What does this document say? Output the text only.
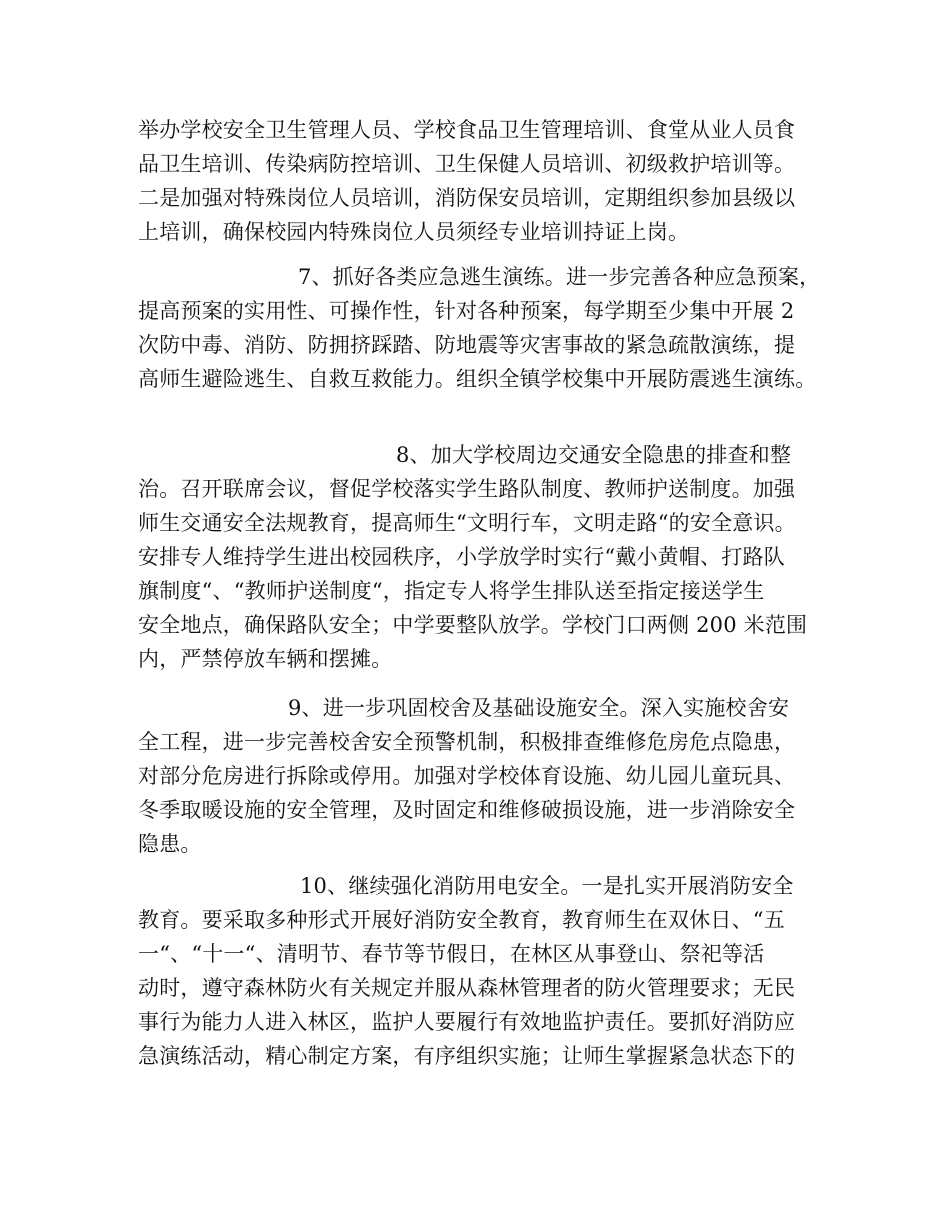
举办学校安全卫生管理人员、学校食品卫生管理培训、食堂从业人员食
品卫生培训、传染病防控培训、卫生保健人员培训、初级救护培训等。
二是加强对特殊岗位人员培训，消防保安员培训，定期组织参加县级以
上培训，确保校园内特殊岗位人员须经专业培训持证上岗。
7、抓好各类应急逃生演练。进一步完善各种应急预案，
提高预案的实用性、可操作性，针对各种预案，每学期至少集中开展 2
次防中毒、消防、防拥挤踩踏、防地震等灾害事故的紧急疏散演练，提
高师生避险逃生、自救互救能力。组织全镇学校集中开展防震逃生演练。
8、加大学校周边交通安全隐患的排查和整
治。召开联席会议，督促学校落实学生路队制度、教师护送制度。加强
师生交通安全法规教育，提高师生“文明行车，文明走路“的安全意识。
安排专人维持学生进出校园秩序，小学放学时实行“戴小黄帽、打路队
旗制度“、“教师护送制度“，指定专人将学生排队送至指定接送学生
安全地点，确保路队安全；中学要整队放学。学校门口两侧 200 米范围
内，严禁停放车辆和摆摊。
9、进一步巩固校舍及基础设施安全。深入实施校舍安
全工程，进一步完善校舍安全预警机制，积极排查维修危房危点隐患，
对部分危房进行拆除或停用。加强对学校体育设施、幼儿园儿童玩具、
冬季取暖设施的安全管理，及时固定和维修破损设施，进一步消除安全
隐患。
10、继续强化消防用电安全。一是扎实开展消防安全
教育。要采取多种形式开展好消防安全教育，教育师生在双休日、“五
一“、“十一“、清明节、春节等节假日，在林区从事登山、祭祀等活
动时，遵守森林防火有关规定并服从森林管理者的防火管理要求；无民
事行为能力人进入林区，监护人要履行有效地监护责任。要抓好消防应
急演练活动，精心制定方案，有序组织实施；让师生掌握紧急状态下的
